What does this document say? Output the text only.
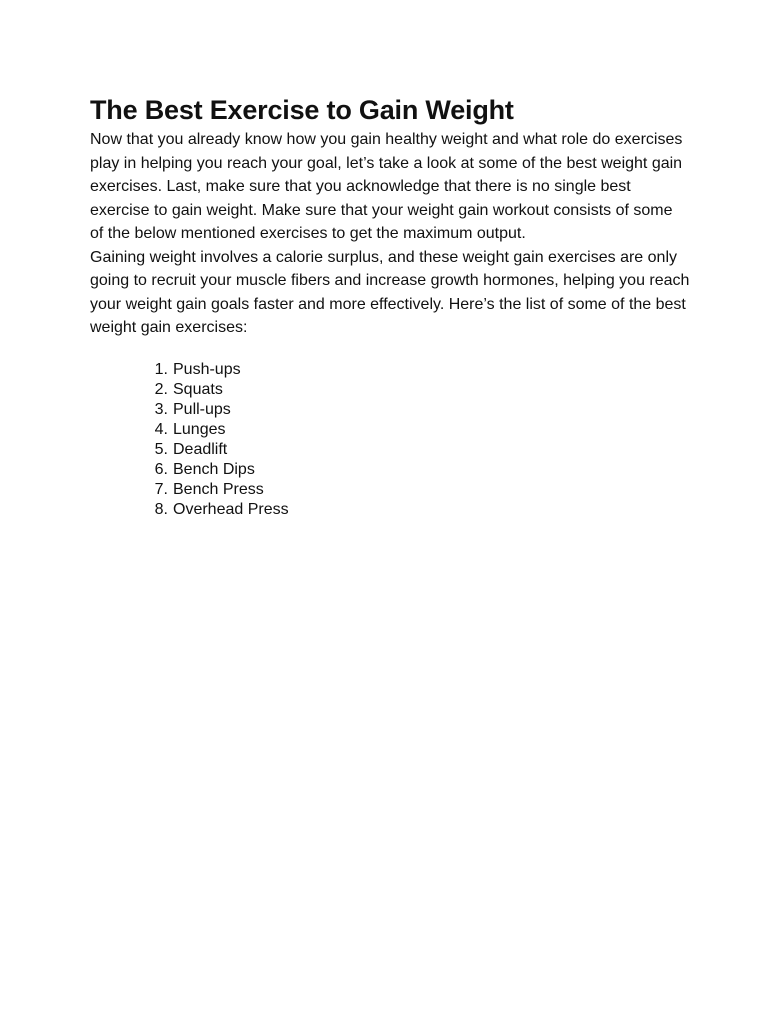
The Best Exercise to Gain Weight

Now that you already know how you gain healthy weight and what role do exercises play in helping you reach your goal, let’s take a look at some of the best weight gain exercises. Last, make sure that you acknowledge that there is no single best exercise to gain weight. Make sure that your weight gain workout consists of some of the below mentioned exercises to get the maximum output.

Gaining weight involves a calorie surplus, and these weight gain exercises are only going to recruit your muscle fibers and increase growth hormones, helping you reach your weight gain goals faster and more effectively. Here’s the list of some of the best weight gain exercises:

1. Push-ups
2. Squats
3. Pull-ups
4. Lunges
5. Deadlift
6. Bench Dips
7. Bench Press
8. Overhead Press
